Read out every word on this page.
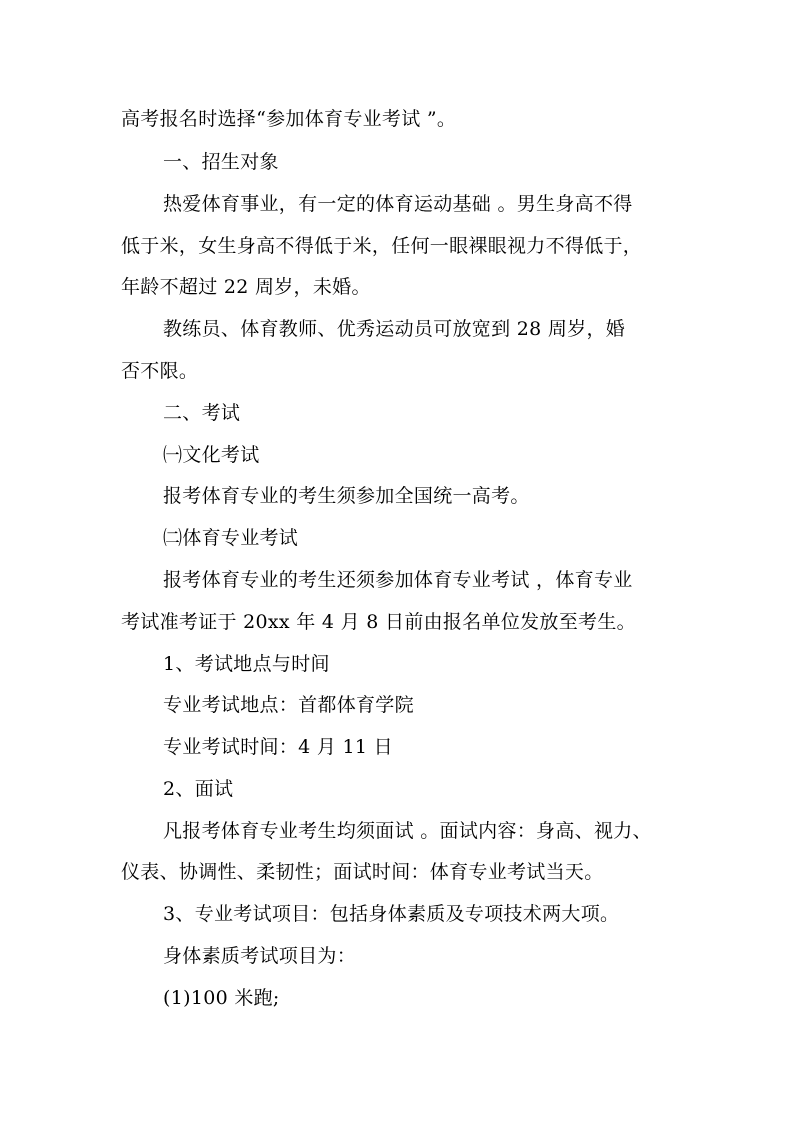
高考报名时选择“参加体育专业考试 ”。
一、招生对象
热爱体育事业，有一定的体育运动基础 。男生身高不得
低于米，女生身高不得低于米，任何一眼裸眼视力不得低于，
年龄不超过 22 周岁，未婚。
教练员、体育教师、优秀运动员可放宽到 28 周岁，婚
否不限。
二、考试
㈠文化考试
报考体育专业的考生须参加全国统一高考。
㈡体育专业考试
报考体育专业的考生还须参加体育专业考试 ，体育专业
考试准考证于 20xx 年 4 月 8 日前由报名单位发放至考生。
1、考试地点与时间
专业考试地点：首都体育学院
专业考试时间：4 月 11 日
2、面试
凡报考体育专业考生均须面试 。面试内容：身高、视力、
仪表、协调性、柔韧性；面试时间：体育专业考试当天。
3、专业考试项目：包括身体素质及专项技术两大项。
身体素质考试项目为：
(1)100 米跑;
